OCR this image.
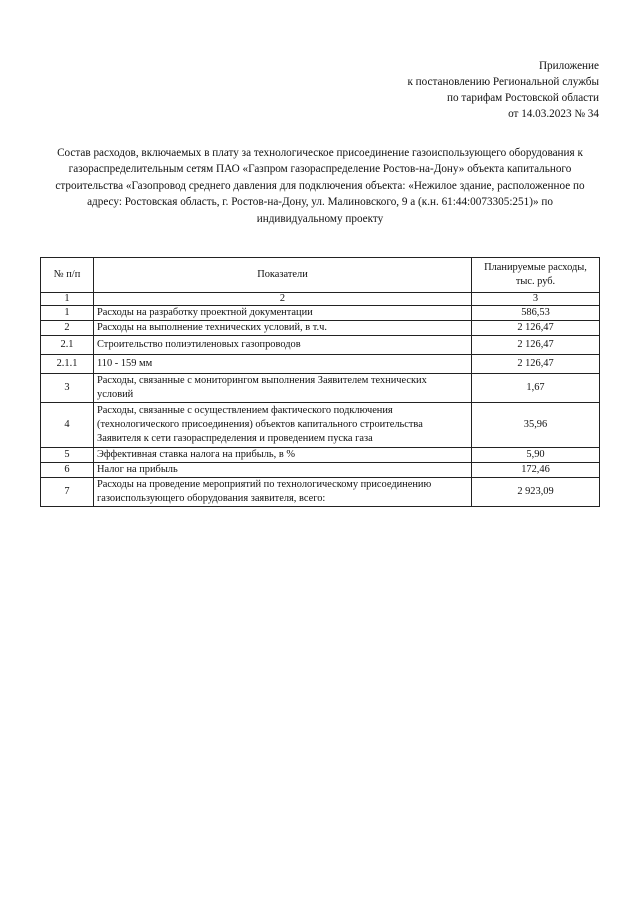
Приложение
к постановлению Региональной службы
по тарифам Ростовской области
от 14.03.2023 № 34
Состав расходов, включаемых в плату за технологическое присоединение газоиспользующего оборудования к
газораспределительным сетям ПАО «Газпром газораспределение Ростов-на-Дону» объекта капитального
строительства «Газопровод среднего давления для подключения объекта: «Нежилое здание, расположенное по
адресу: Ростовская область, г. Ростов-на-Дону, ул. Малиновского, 9 а (к.н. 61:44:0073305:251)» по
индивидуальному проекту
№ п/п	Показатели	Планируемые расходы,
тыс. руб.

1	2	3
1	Расходы на разработку проектной документации	586,53
2	Расходы на выполнение технических условий, в т.ч.	2 126,47
2.1	Строительство полиэтиленовых газопроводов	2 126,47
2.1.1	110 - 159 мм	2 126,47
3	Расходы, связанные с мониторингом выполнения Заявителем технических
условий	1,67
4	Расходы, связанные с осуществлением фактического подключения
(технологического присоединения) объектов капитального строительства
Заявителя к сети газораспределения и проведением пуска газа	35,96
5	Эффективная ставка налога на прибыль, в %	5,90
6	Налог на прибыль	172,46
7	Расходы на проведение мероприятий по технологическому присоединению
газоиспользующего оборудования заявителя, всего:	2 923,09
